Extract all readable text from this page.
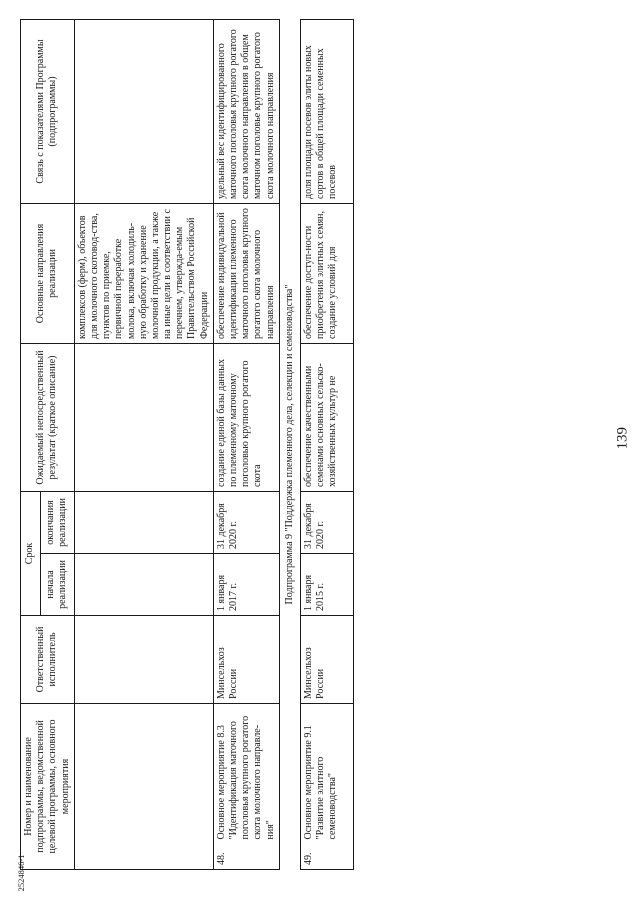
139
2524846-1
Номер и наименование подпрограммы, ведомственной целевой программы, основного мероприятия		Ответственный исполнитель	Срок		Ожидаемый непосредственный результат (краткое описание)	Основные направления реализации	Связь с показателями Программы (подпрограммы)
			начала реализации	окончания реализации			
						комплексов (ферм), объектов для молочного скотовод-ства, пунктов по приемке, первичной переработке молока, включая холодиль-ную обработку и хранение молочной продукции, а также на иные цели в соответствии с перечнем, утвержда-емым Правительством Российской Федерации	
48.	Основное мероприятие 8.3 "Идентификация маточного поголовья крупного рогатого скота молочного направле-ния"	Минсельхоз России	1 января 2017 г.	31 декабря 2020 г.	создание единой базы данных по племенному маточному поголовью крупного рогатого скота	обеспечение индивидуальной идентификации племенного маточного поголовья крупного рогатого скота молочного направления	удельный вес идентифицированного маточного поголовья крупного рогатого скота молочного направления в общем маточном поголовье крупного рогатого скота молочного направления
Подпрограмма 9 "Поддержка племенного дела, селекции и семеноводства"							
49.	Основное мероприятие 9.1 "Развитие элитного семеноводства"	Минсельхоз России	1 января 2015 г.	31 декабря 2020 г.	обеспечение качественными семенами основных сельско-хозяйственных культур не	обеспечение доступ-ности приобретения элитных семян, создание условий для	доля площади посевов элиты новых сортов в общей площади семенных посевов
